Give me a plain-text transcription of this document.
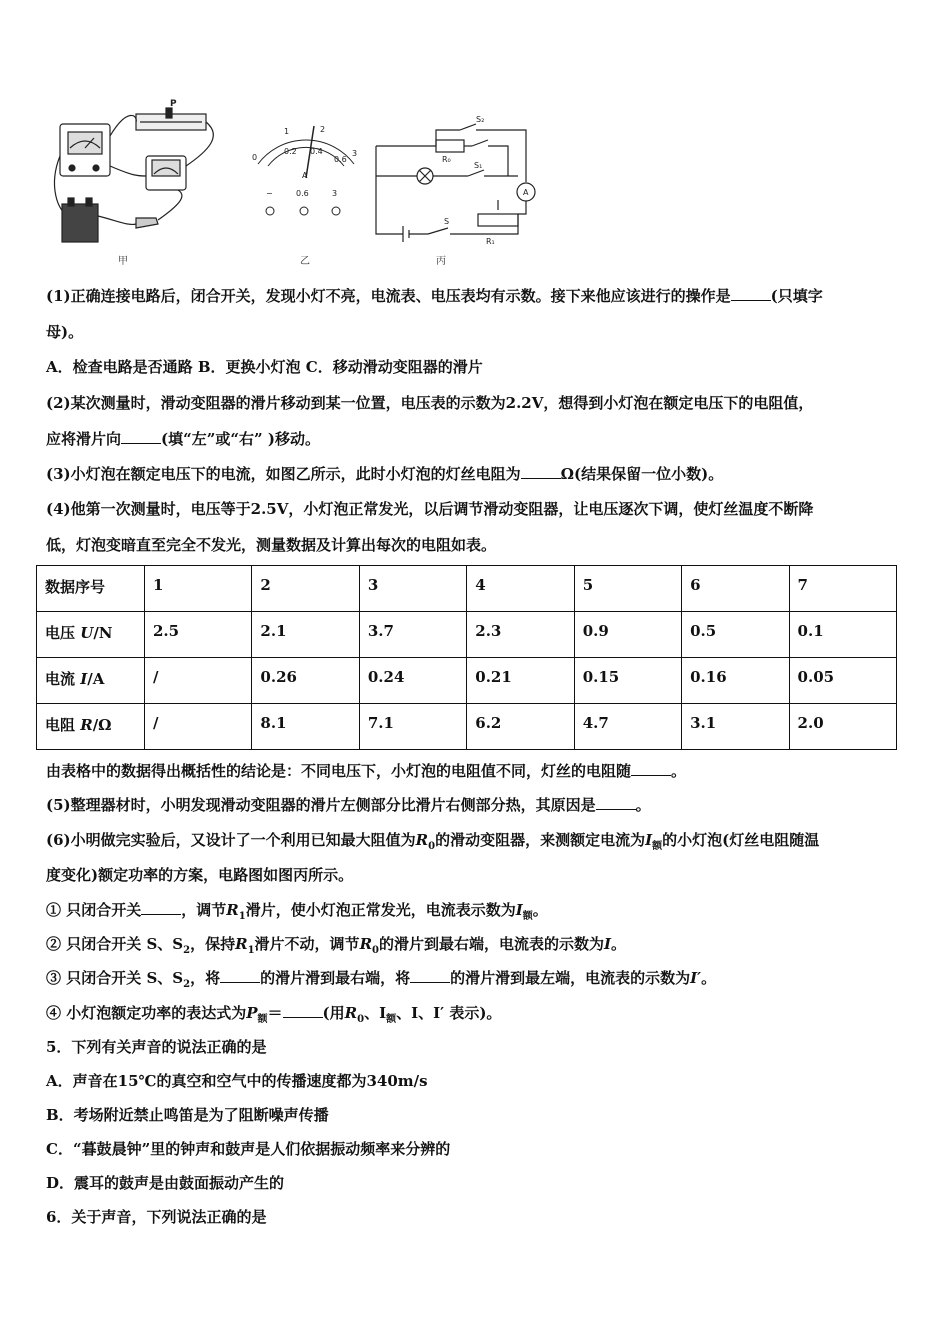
P
0
1	2
3
0.2 0.4
0.6
A
−	0.6	3
S₂
R₀
S₁
A
S
R₁
甲	乙	丙
(1)正确连接电路后，闭合开关，发现小灯不亮，电流表、电压表均有示数。接下来他应该进行的操作是	(只填字
母)。
A．检查电路是否通路 B．更换小灯泡 C．移动滑动变阻器的滑片
(2)某次测量时，滑动变阻器的滑片移动到某一位置，电压表的示数为2.2V，想得到小灯泡在额定电压下的电阻值，
应将滑片向	(填“左”或“右” )移动。
(3)小灯泡在额定电压下的电流，如图乙所示，此时小灯泡的灯丝电阻为	Ω(结果保留一位小数)。
(4)他第一次测量时，电压等于2.5V，小灯泡正常发光，以后调节滑动变阻器，让电压逐次下调，使灯丝温度不断降
低，灯泡变暗直至完全不发光，测量数据及计算出每次的电阻如表。
数据序号	1	2	3	4	5	6	7
电压 U/N	2.5	2.1	3.7	2.3	0.9	0.5	0.1
电流 I/A	/	0.26	0.24	0.21	0.15	0.16	0.05
电阻 R/Ω	/	8.1	7.1	6.2	4.7	3.1	2.0
由表格中的数据得出概括性的结论是：不同电压下，小灯泡的电阻值不同，灯丝的电阻随	。
(5)整理器材时，小明发现滑动变阻器的滑片左侧部分比滑片右侧部分热，其原因是	。
(6)小明做完实验后，又设计了一个利用已知最大阻值为$R_0$的滑动变阻器，来测额定电流为$I_额$的小灯泡(灯丝电阻随温
度变化)额定功率的方案，电路图如图丙所示。
① 只闭合开关	，调节$R_1$滑片，使小灯泡正常发光，电流表示数为$I_额$。
② 只闭合开关 S、$S_2$，保持$R_1$滑片不动，调节$R_0$的滑片到最右端，电流表的示数为I。
③ 只闭合开关 S、$S_2$，将	的滑片滑到最右端，将	的滑片滑到最左端，电流表的示数为I′。
④ 小灯泡额定功率的表达式为$P_额=$	(用$R_0$、$I_额$、I、I′ 表示)。
5．下列有关声音的说法正确的是
A．声音在15℃的真空和空气中的传播速度都为340m/s
B．考场附近禁止鸣笛是为了阻断噪声传播
C．“暮鼓晨钟”里的钟声和鼓声是人们依据振动频率来分辨的
D．震耳的鼓声是由鼓面振动产生的
6．关于声音，下列说法正确的是
